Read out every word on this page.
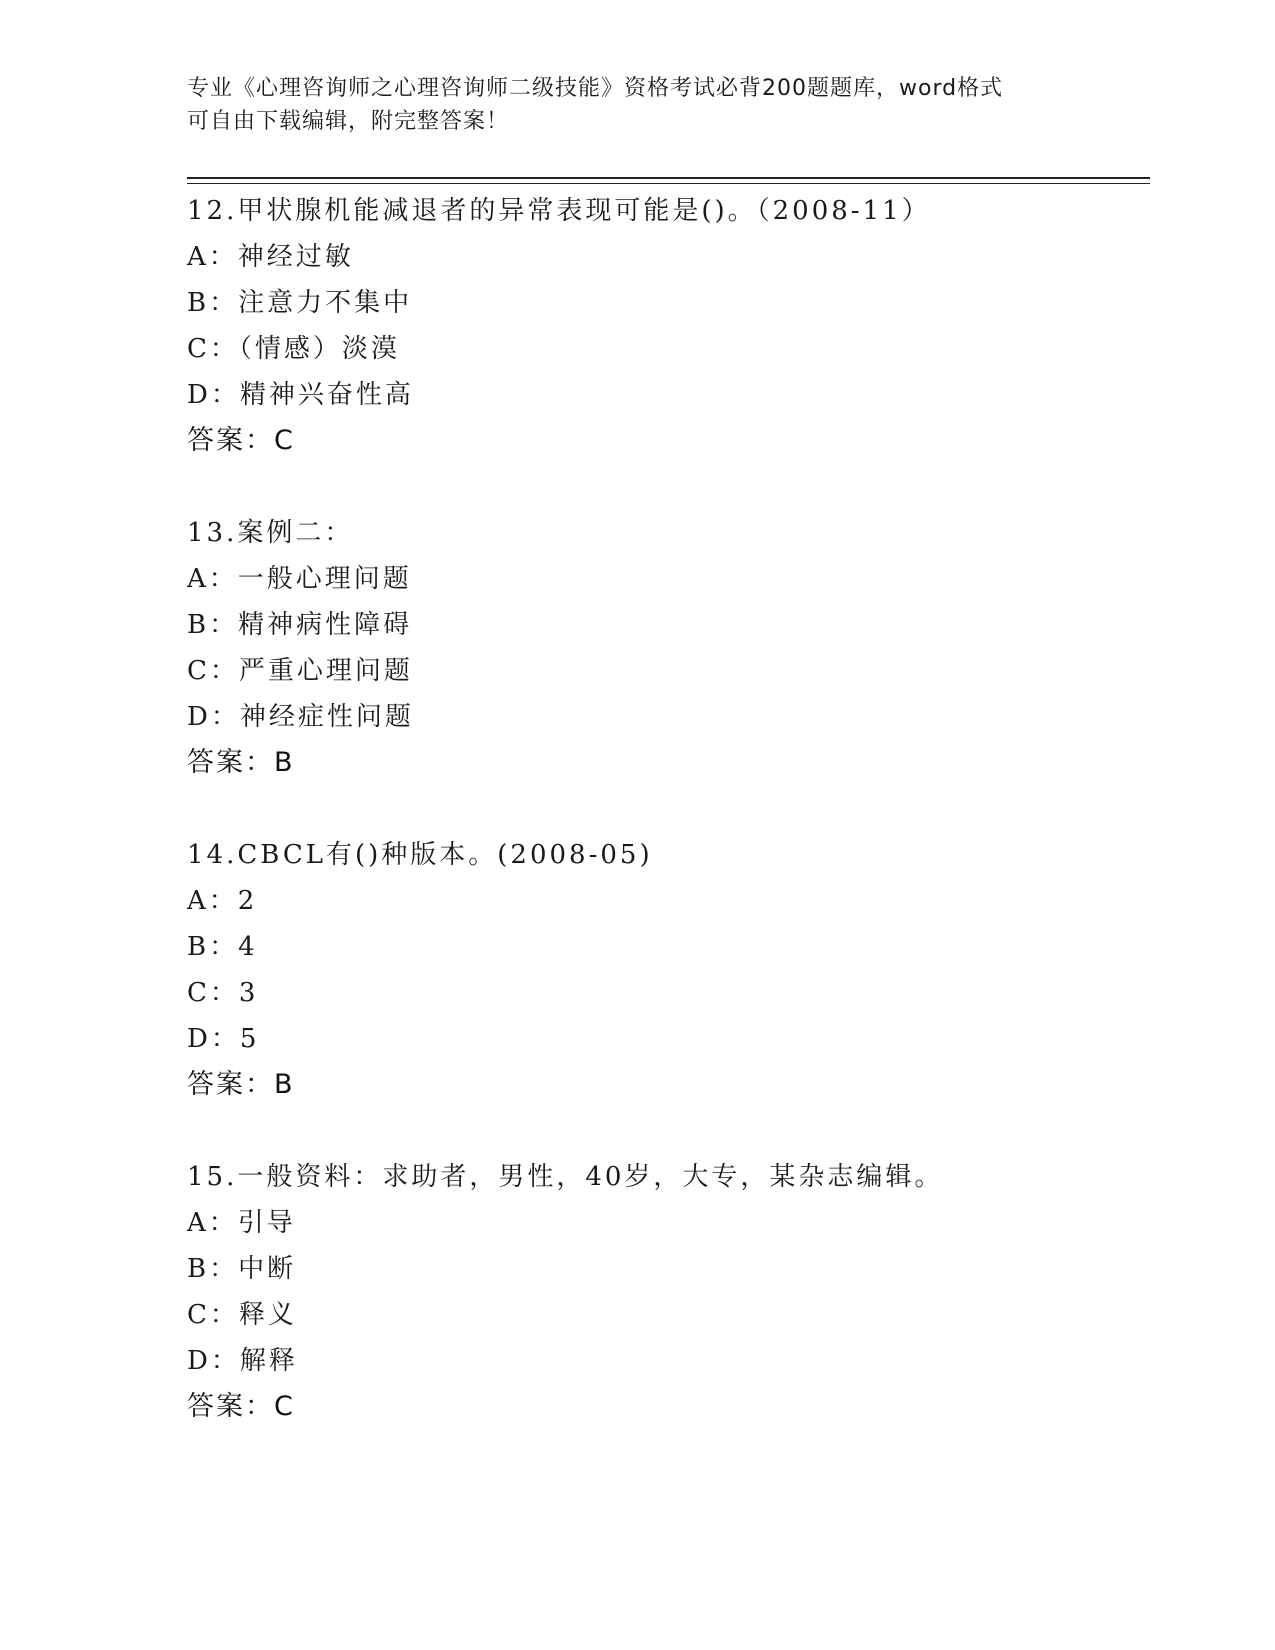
专业《心理咨询师之心理咨询师二级技能》资格考试必背200题题库，word格式
可自由下载编辑，附完整答案！
12.甲状腺机能减退者的异常表现可能是()。（2008-11）
A：神经过敏
B：注意力不集中
C：（情感）淡漠
D：精神兴奋性高
答案：C
13.案例二：
A：一般心理问题
B：精神病性障碍
C：严重心理问题
D：神经症性问题
答案：B
14.CBCL有()种版本。(2008-05)
A：2
B：4
C：3
D：5
答案：B
15.一般资料：求助者，男性，40岁，大专，某杂志编辑。
A：引导
B：中断
C：释义
D：解释
答案：C
